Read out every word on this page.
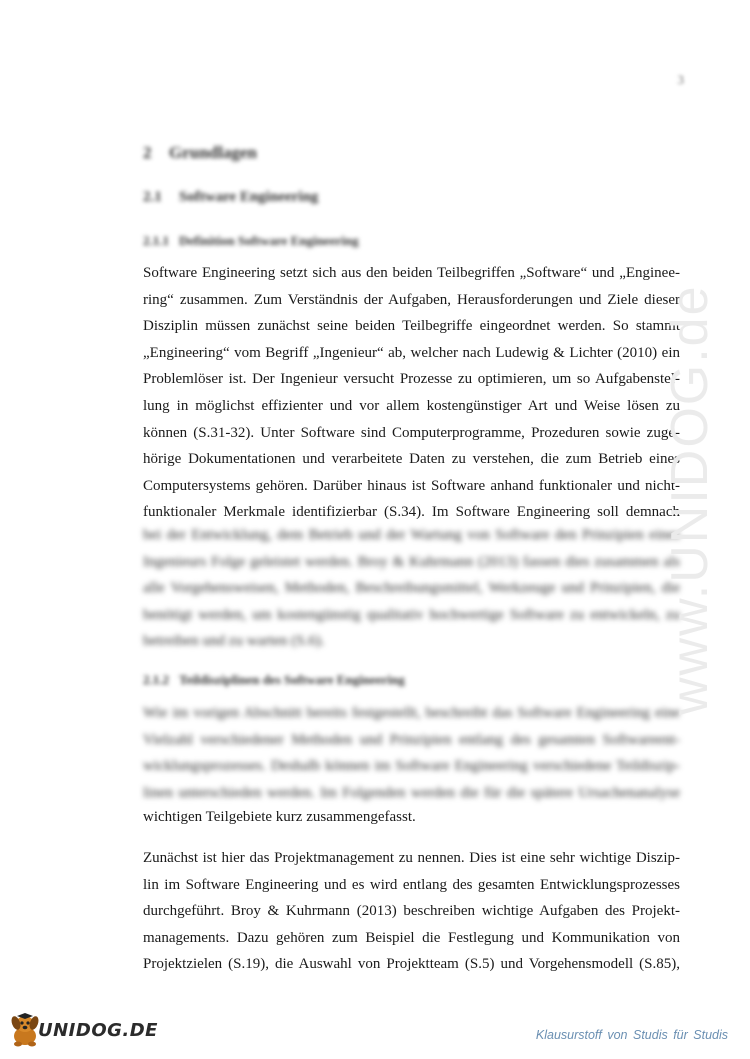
3
2 Grundlagen
2.1 Software Engineering
2.1.1 Definition Software Engineering
Software Engineering setzt sich aus den beiden Teilbegriffen „Software“ und „Enginee-
ring“ zusammen. Zum Verständnis der Aufgaben, Herausforderungen und Ziele dieser
Disziplin müssen zunächst seine beiden Teilbegriffe eingeordnet werden. So stammt
„Engineering“ vom Begriff „Ingenieur“ ab, welcher nach Ludewig & Lichter (2010) ein
Problemlöser ist. Der Ingenieur versucht Prozesse zu optimieren, um so Aufgabenstel-
lung in möglichst effizienter und vor allem kostengünstiger Art und Weise lösen zu
können (S.31-32). Unter Software sind Computerprogramme, Prozeduren sowie zuge-
hörige Dokumentationen und verarbeitete Daten zu verstehen, die zum Betrieb eines
Computersystems gehören. Darüber hinaus ist Software anhand funktionaler und nicht-
funktionaler Merkmale identifizierbar (S.34). Im Software Engineering soll demnach
bei der Entwicklung, dem Betrieb und der Wartung von Software den Prinzipien eines
Ingenieurs Folge geleistet werden. Broy & Kuhrmann (2013) fassen dies zusammen als
alle Vorgehensweisen, Methoden, Beschreibungsmittel, Werkzeuge und Prinzipien, die
benötigt werden, um kostengünstig qualitativ hochwertige Software zu entwickeln, zu
betreiben und zu warten (S.6).
2.1.2 Teildisziplinen des Software Engineering
Wie im vorigen Abschnitt bereits festgestellt, beschreibt das Software Engineering eine
Vielzahl verschiedener Methoden und Prinzipien entlang des gesamten Softwareent-
wicklungsprozesses. Deshalb können im Software Engineering verschiedene Teildiszip-
linen unterschieden werden. Im Folgenden werden die für die spätere Ursachenanalyse
wichtigen Teilgebiete kurz zusammengefasst.
Zunächst ist hier das Projektmanagement zu nennen. Dies ist eine sehr wichtige Diszip-
lin im Software Engineering und es wird entlang des gesamten Entwicklungsprozesses
durchgeführt. Broy & Kuhrmann (2013) beschreiben wichtige Aufgaben des Projekt-
managements. Dazu gehören zum Beispiel die Festlegung und Kommunikation von
Projektzielen (S.19), die Auswahl von Projektteam (S.5) und Vorgehensmodell (S.85),
www.UNIDOG.de
UNIDOG.DE	Klausurstoff von Studis für Studis
